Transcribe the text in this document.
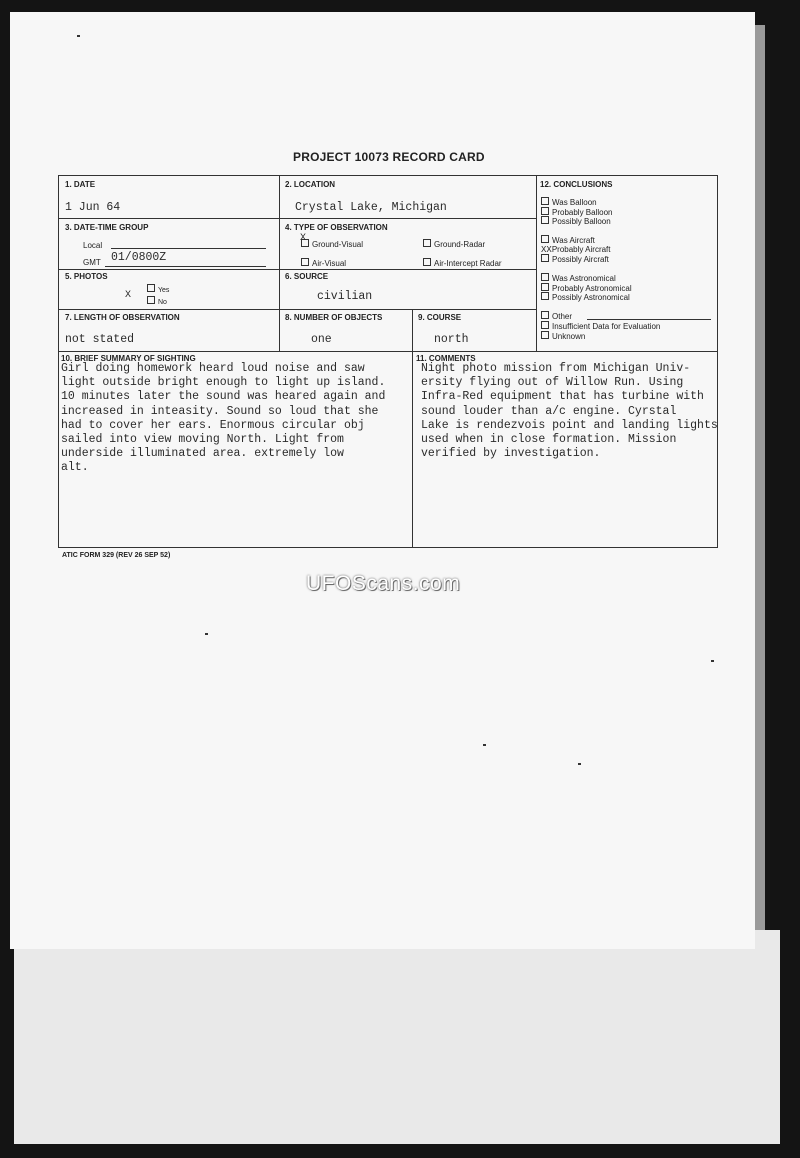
PROJECT 10073 RECORD CARD
1. DATE
1 Jun 64
2. LOCATION
Crystal Lake, Michigan
3. DATE-TIME GROUP
Local
GMT 01/0800Z
4. TYPE OF OBSERVATION
Ground-Visual
X
Ground-Radar
Air-Visual	Air-Intercept Radar
5. PHOTOS
Yes
No
X
6. SOURCE
civilian
7. LENGTH OF OBSERVATION
not stated
8. NUMBER OF OBJECTS
one
9. COURSE
north
12. CONCLUSIONS
Was Balloon
Probably Balloon
Possibly Balloon
Was Aircraft
XXProbably Aircraft
Possibly Aircraft
Was Astronomical
Probably Astronomical
Possibly Astronomical
Other
Insufficient Data for Evaluation
Unknown
10. BRIEF SUMMARY OF SIGHTING
Girl doing homework heard loud noise and saw
light outside bright enough to light up island.
10 minutes later the sound was heared again and
increased in inteasity. Sound so loud that she
had to cover her ears. Enormous circular obj
sailed into view moving North. Light from
underside illuminated area. extremely low
alt.
11. COMMENTS
Night photo mission from Michigan Univ-
ersity flying out of Willow Run. Using
Infra-Red equipment that has turbine with
sound louder than a/c engine. Cyrstal
Lake is rendezvois point and landing lights
used when in close formation. Mission
verified by investigation.
ATIC FORM 329 (REV 26 SEP 52)
UFOScans.com
